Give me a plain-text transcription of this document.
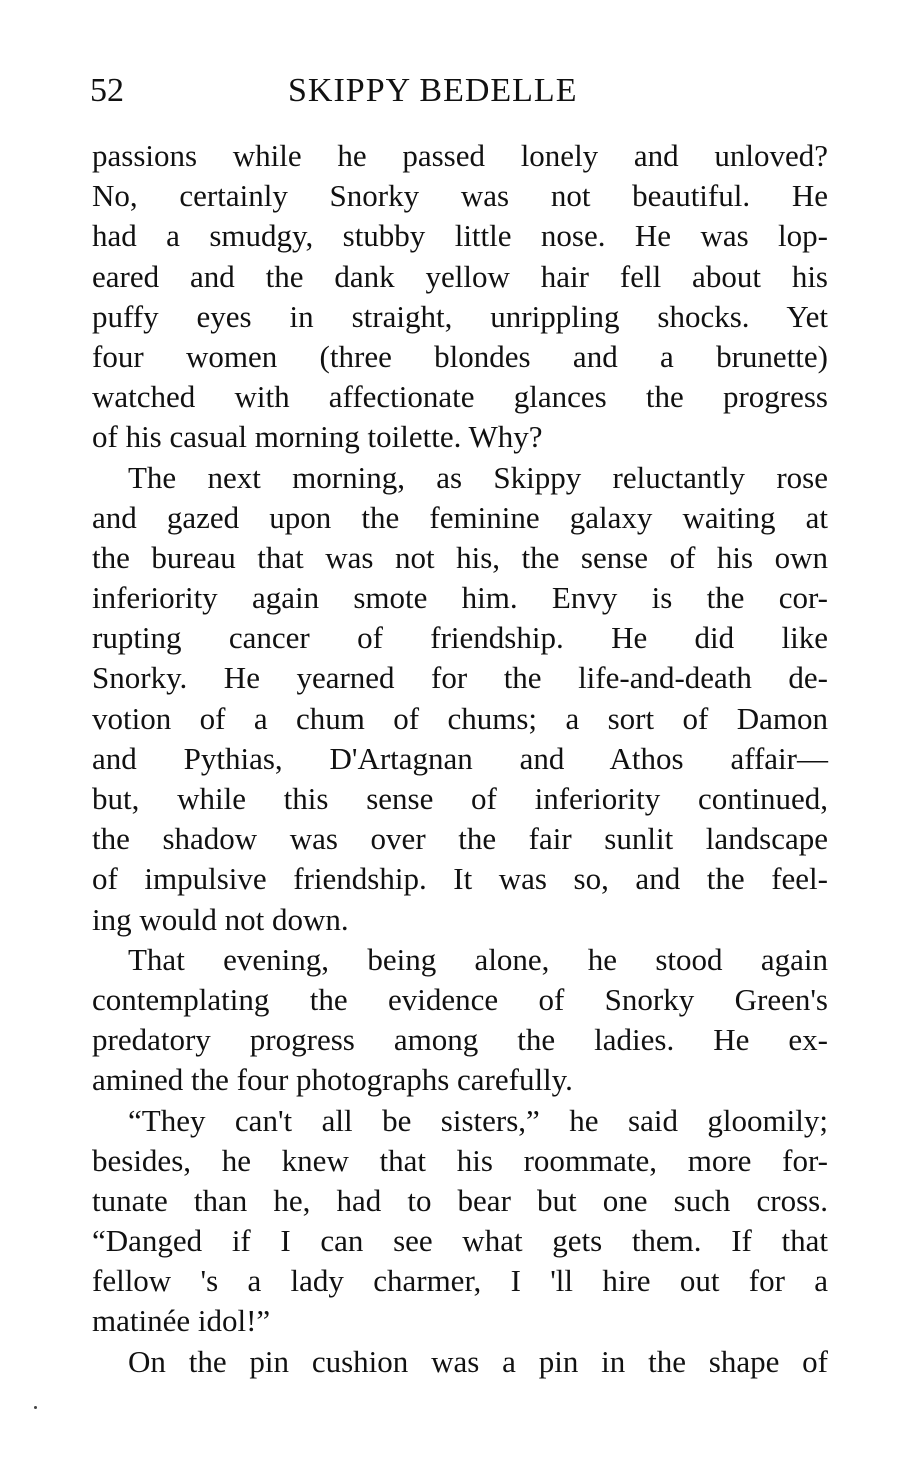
52	SKIPPY BEDELLE
passions while he passed lonely and unloved?
No, certainly Snorky was not beautiful. He
had a smudgy, stubby little nose. He was lop-
eared and the dank yellow hair fell about his
puffy eyes in straight, unrippling shocks. Yet
four women (three blondes and a brunette)
watched with affectionate glances the progress
of his casual morning toilette. Why?
The next morning, as Skippy reluctantly rose
and gazed upon the feminine galaxy waiting at
the bureau that was not his, the sense of his own
inferiority again smote him. Envy is the cor-
rupting cancer of friendship. He did like
Snorky. He yearned for the life-and-death de-
votion of a chum of chums; a sort of Damon
and Pythias, D'Artagnan and Athos affair—
but, while this sense of inferiority continued,
the shadow was over the fair sunlit landscape
of impulsive friendship. It was so, and the feel-
ing would not down.
That evening, being alone, he stood again
contemplating the evidence of Snorky Green's
predatory progress among the ladies. He ex-
amined the four photographs carefully.
“They can't all be sisters,” he said gloomily;
besides, he knew that his roommate, more for-
tunate than he, had to bear but one such cross.
“Danged if I can see what gets them. If that
fellow 's a lady charmer, I 'll hire out for a
matinée idol!”
On the pin cushion was a pin in the shape of
